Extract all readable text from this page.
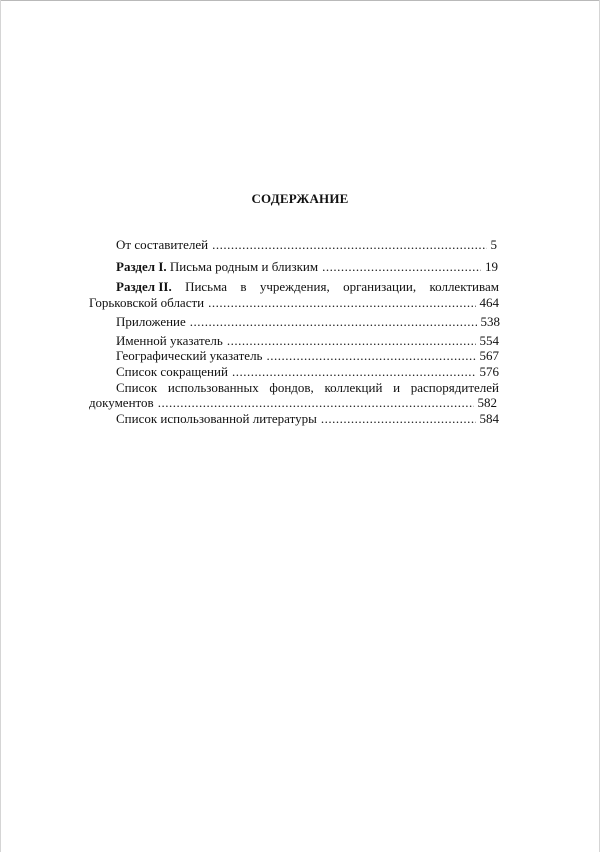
СОДЕРЖАНИЕ
От составителей .....	5
Раздел I. Письма родным и близким .....	19
Раздел II. Письма в учреждения, организации, коллективам
Горьковской области .....	464
Приложение .....	538
Именной указатель .....	554
Географический указатель .....	567
Список сокращений .....	576
Список использованных фондов, коллекций и распорядителей
документов .....	582
Список использованной литературы .....	584
